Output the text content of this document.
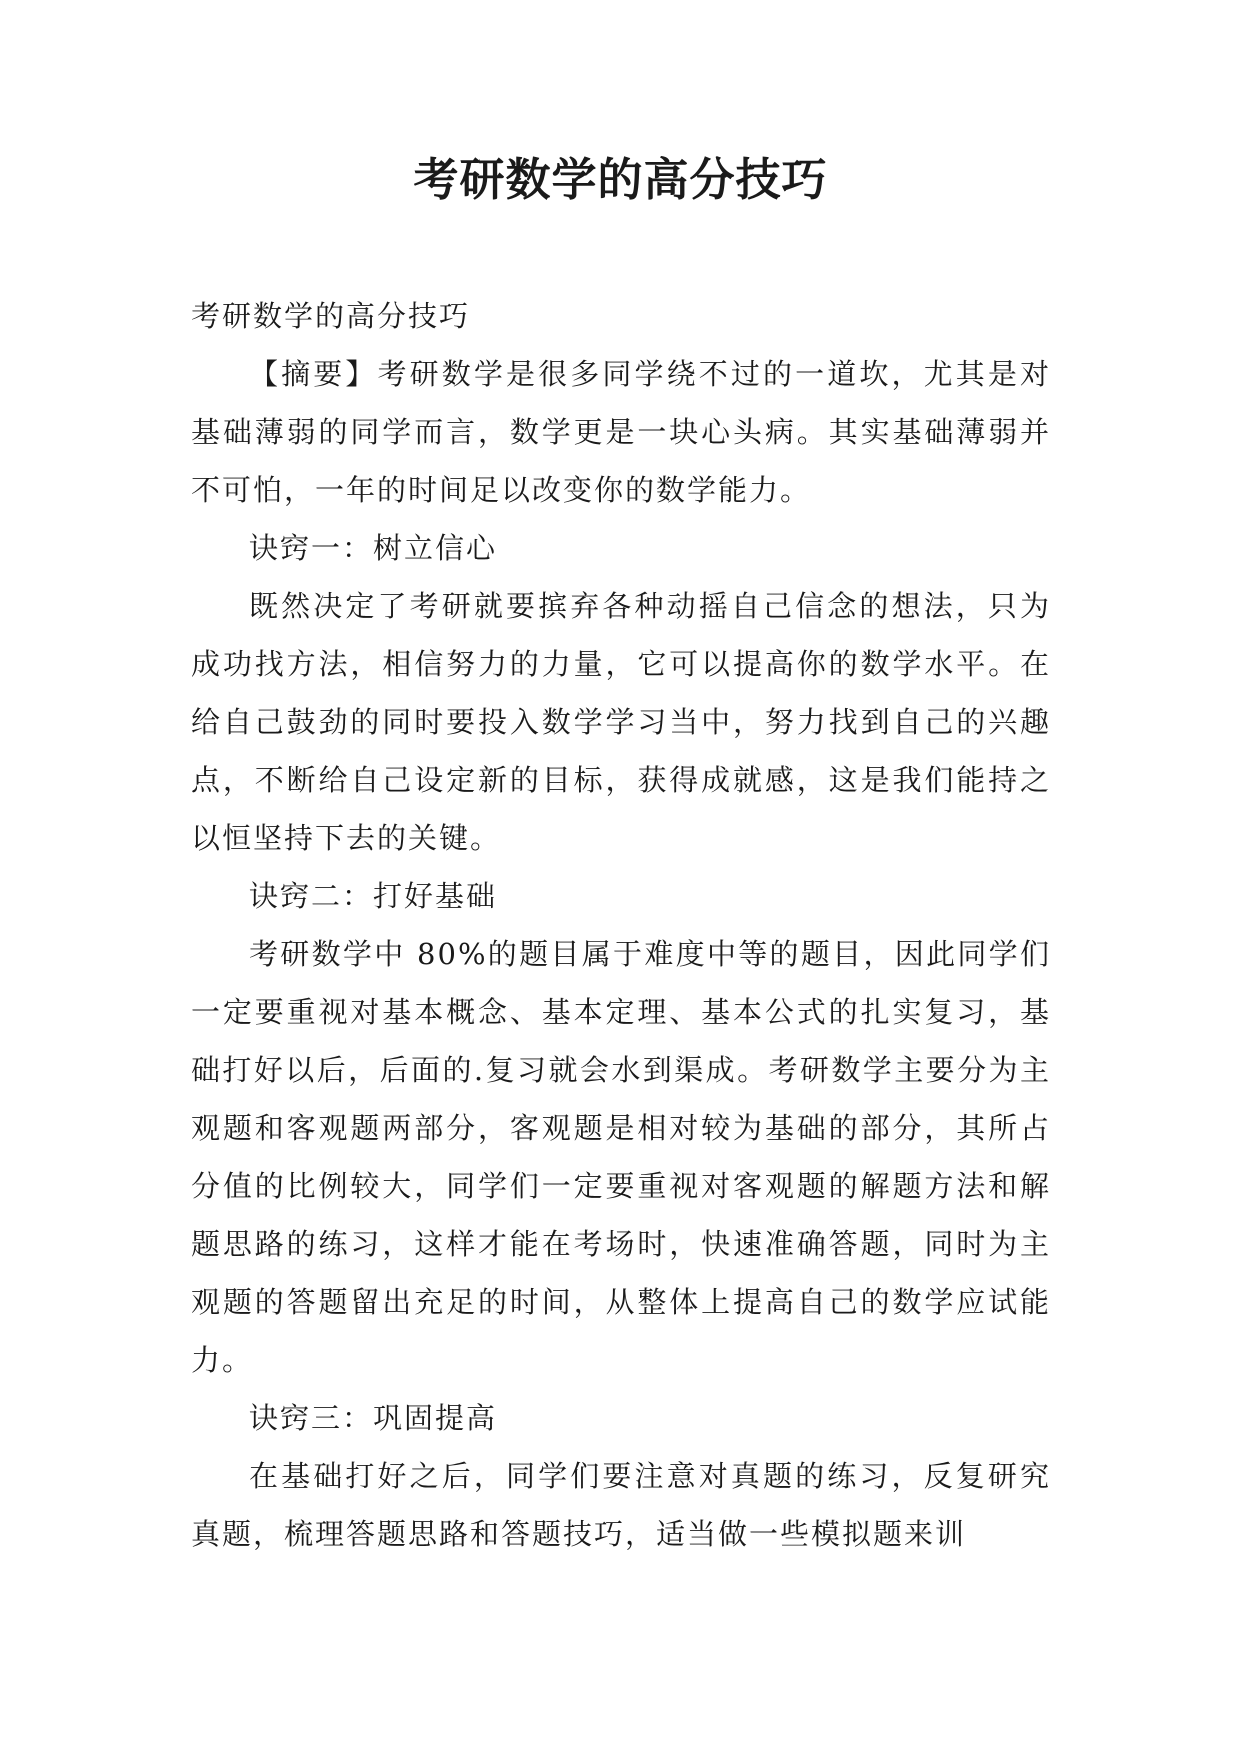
考研数学的高分技巧

考研数学的高分技巧

【摘要】考研数学是很多同学绕不过的一道坎，尤其是对基础薄弱的同学而言，数学更是一块心头病。其实基础薄弱并不可怕，一年的时间足以改变你的数学能力。

诀窍一：树立信心

既然决定了考研就要摈弃各种动摇自己信念的想法，只为成功找方法，相信努力的力量，它可以提高你的数学水平。在给自己鼓劲的同时要投入数学学习当中，努力找到自己的兴趣点，不断给自己设定新的目标，获得成就感，这是我们能持之以恒坚持下去的关键。

诀窍二：打好基础

考研数学中 80%的题目属于难度中等的题目，因此同学们一定要重视对基本概念、基本定理、基本公式的扎实复习，基础打好以后，后面的.复习就会水到渠成。考研数学主要分为主观题和客观题两部分，客观题是相对较为基础的部分，其所占分值的比例较大，同学们一定要重视对客观题的解题方法和解题思路的练习，这样才能在考场时，快速准确答题，同时为主观题的答题留出充足的时间，从整体上提高自己的数学应试能力。

诀窍三：巩固提高

在基础打好之后，同学们要注意对真题的练习，反复研究真题，梳理答题思路和答题技巧，适当做一些模拟题来训
